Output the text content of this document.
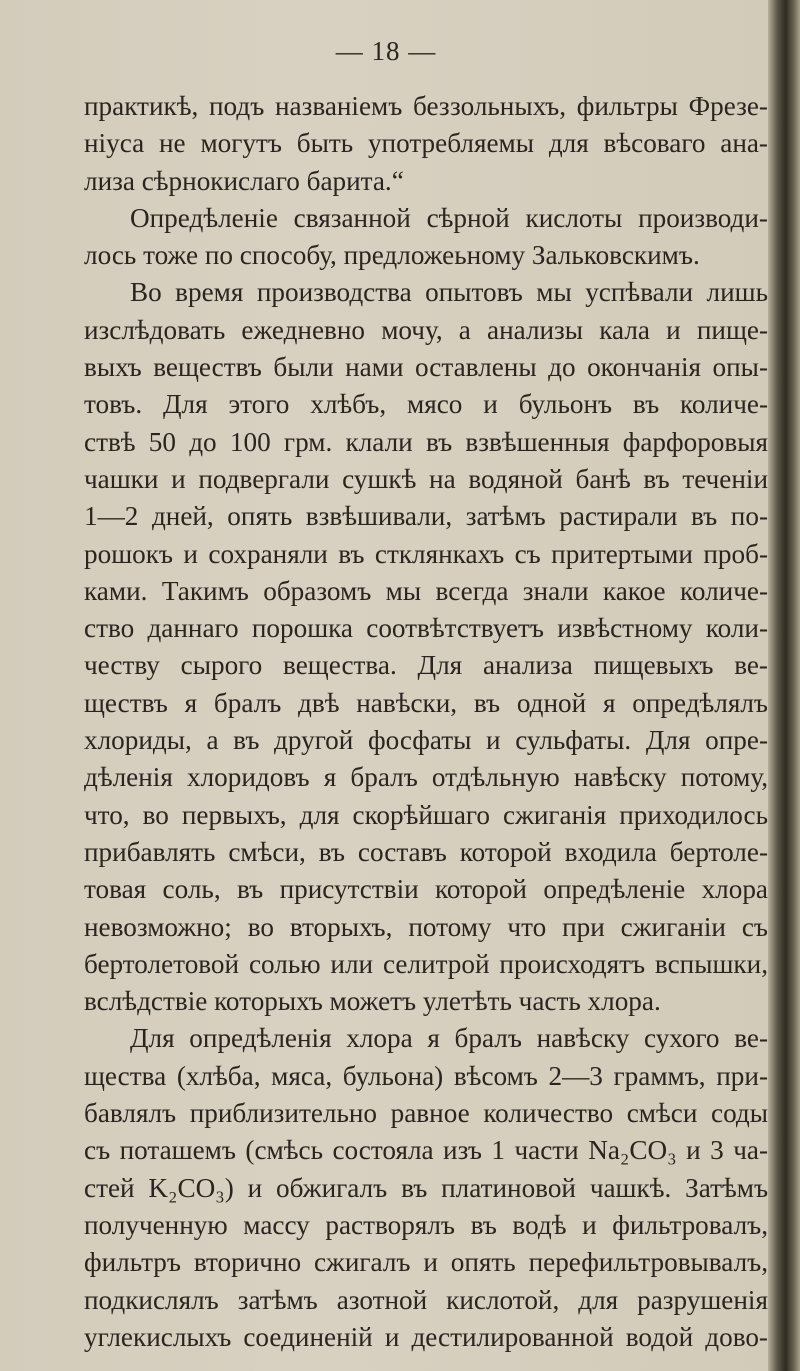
— 18 —
практикѣ, подъ названіемъ беззольныхъ, фильтры Фрезе-
ніуса не могутъ быть употребляемы для вѣсоваго ана-
лиза сѣрнокислаго барита.“
Опредѣленіе связанной сѣрной кислоты производи-
лось тоже по способу, предложеьному Зальковскимъ.
Во время производства опытовъ мы успѣвали лишь
изслѣдовать ежедневно мочу, а анализы кала и пище-
выхъ веществъ были нами оставлены до окончанія опы-
товъ. Для этого хлѣбъ, мясо и бульонъ въ количе-
ствѣ 50 до 100 грм. клали въ взвѣшенныя фарфоровыя
чашки и подвергали сушкѣ на водяной банѣ въ теченіи
1—2 дней, опять взвѣшивали, затѣмъ растирали въ по-
рошокъ и сохраняли въ стклянкахъ съ притертыми проб-
ками. Такимъ образомъ мы всегда знали какое количе-
ство даннаго порошка соотвѣтствуетъ извѣстному коли-
честву сырого вещества. Для анализа пищевыхъ ве-
ществъ я бралъ двѣ навѣски, въ одной я опредѣлялъ
хлориды, а въ другой фосфаты и сульфаты. Для опре-
дѣленія хлоридовъ я бралъ отдѣльную навѣску потому,
что, во первыхъ, для скорѣйшаго сжиганія приходилось
прибавлять смѣси, въ составъ которой входила бертоле-
товая соль, въ присутствіи которой опредѣленіе хлора
невозможно; во вторыхъ, потому что при сжиганіи съ
бертолетовой солью или селитрой происходятъ вспышки,
вслѣдствіе которыхъ можетъ улетѣть часть хлора.
Для опредѣленія хлора я бралъ навѣску сухого ве-
щества (хлѣба, мяса, бульона) вѣсомъ 2—3 граммъ, при-
бавлялъ приблизительно равное количество смѣси соды
съ поташемъ (смѣсь состояла изъ 1 части Na₂CO₃ и 3 ча-
стей K₂CO₃) и обжигалъ въ платиновой чашкѣ. Затѣмъ
полученную массу растворялъ въ водѣ и фильтровалъ,
фильтръ вторично сжигалъ и опять перефильтровывалъ,
подкислялъ затѣмъ азотной кислотой, для разрушенія
углекислыхъ соединеній и дестилированной водой дово-
